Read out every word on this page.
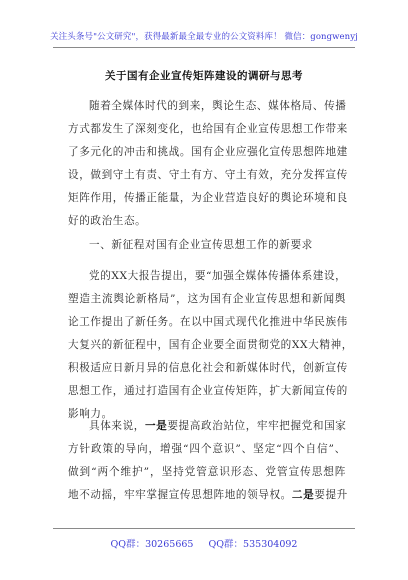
关注头条号"公文研究"，获得最新最全最专业的公文资料库！ 微信：gongwenyj
关于国有企业宣传矩阵建设的调研与思考
随着全媒体时代的到来，舆论生态、媒体格局、传播
方式都发生了深刻变化，也给国有企业宣传思想工作带来
了多元化的冲击和挑战。国有企业应强化宣传思想阵地建
设，做到守土有责、守土有方、守土有效，充分发挥宣传
矩阵作用，传播正能量，为企业营造良好的舆论环境和良
好的政治生态。
一、新征程对国有企业宣传思想工作的新要求
党的XX大报告提出，要“加强全媒体传播体系建设，
塑造主流舆论新格局”，这为国有企业宣传思想和新闻舆
论工作提出了新任务。在以中国式现代化推进中华民族伟
大复兴的新征程中，国有企业要全面贯彻党的XX大精神，
积极适应日新月异的信息化社会和新媒体时代，创新宣传
思想工作，通过打造国有企业宣传矩阵，扩大新闻宣传的
影响力。
具体来说，一是要提高政治站位，牢牢把握党和国家
方针政策的导向，增强“四个意识”、坚定“四个自信”、
做到“两个维护”，坚持党管意识形态、党管宣传思想阵
地不动摇，牢牢掌握宣传思想阵地的领导权。二是要提升
QQ群：30265665 QQ群：535304092
